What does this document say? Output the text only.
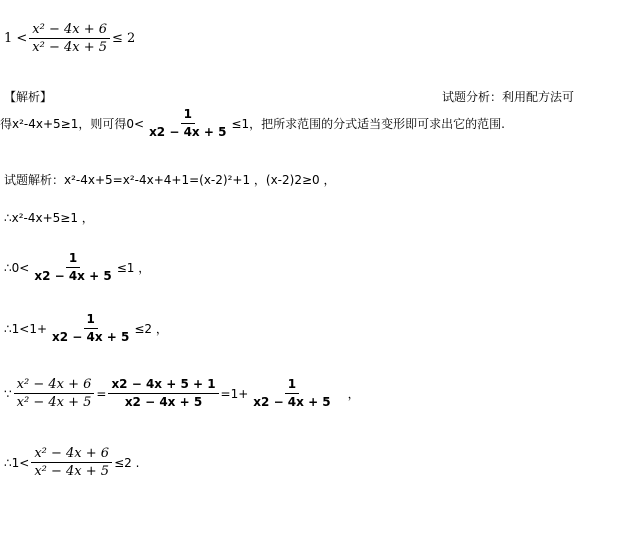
$1 < \frac{\text{x² − 4x + 6}}{\text{x² − 4x + 5}} \le 2$
【解析】	试题分析：利用配方法可
得x²-4x+5≥1，则可得$0< \frac{1}{x2 - 4x + 5} \le 1$，把所求范围的分式适当变形即可求出它的范围.
试题解析： x²-4x+5=x²-4x+4+1=(x-2)²+1 ，(x-2)2≥0 ，
∴x²-4x+5≥1 ，
∴0< $\frac{1}{x2 - 4x + 5} \le 1$ ，
∴1<1+ $\frac{1}{x2 - 4x + 5} \le 2$ ，
∵ $\frac{\text{x² − 4x + 6}}{\text{x² − 4x + 5}} = \frac{x2 - 4x + 5 + 1}{x2 - 4x + 5} =1+ \frac{1}{x2 - 4x + 5}$ ，
∴1< $\frac{\text{x² − 4x + 6}}{\text{x² − 4x + 5}} \le 2$ .
